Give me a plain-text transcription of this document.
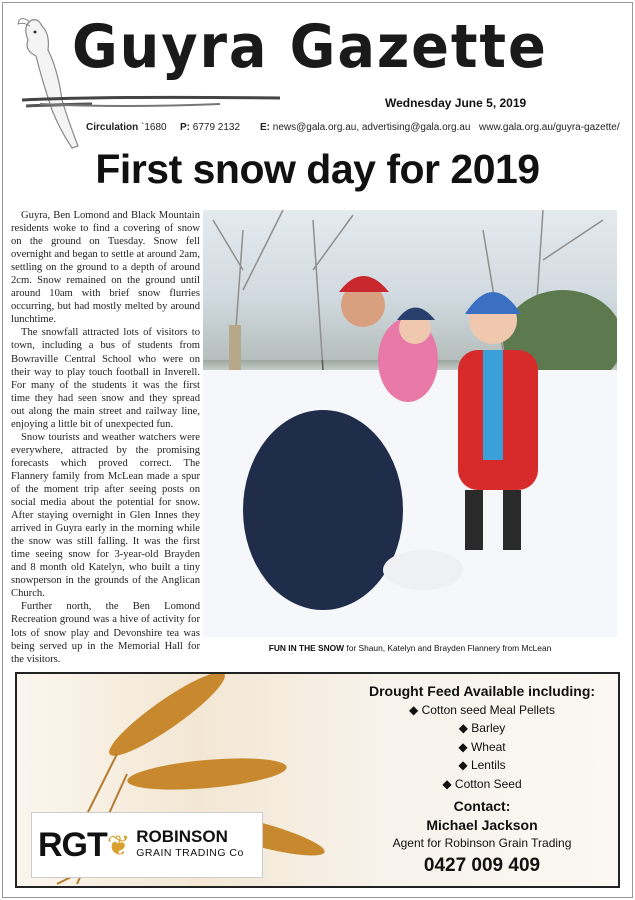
Guyra Gazette
Wednesday June 5, 2019
Circulation `1680 P: 6779 2132 E: news@gala.org.au, advertising@gala.org.au www.gala.org.au/guyra-gazette/
First snow day for 2019

Guyra, Ben Lomond and Black Mountain residents woke to find a covering of snow on the ground on Tuesday. Snow fell overnight and began to settle at around 2am, settling on the ground to a depth of around 2cm. Snow remained on the ground until around 10am with brief snow flurries occurring, but had mostly melted by around lunchtime.

The snowfall attracted lots of visitors to town, including a bus of students from Bowraville Central School who were on their way to play touch football in Inverell. For many of the students it was the first time they had seen snow and they spread out along the main street and railway line, enjoying a little bit of unexpected fun.

Snow tourists and weather watchers were everywhere, attracted by the promising forecasts which proved correct. The Flannery family from McLean made a spur of the moment trip after seeing posts on social media about the potential for snow. After staying overnight in Glen Innes they arrived in Guyra early in the morning while the snow was still falling. It was the first time seeing snow for 3-year-old Brayden and 8 month old Katelyn, who built a tiny snowperson in the grounds of the Anglican Church.

Further north, the Ben Lomond Recreation ground was a hive of activity for lots of snow play and Devonshire tea was being served up in the Memorial Hall for the visitors.

FUN IN THE SNOW for Shaun, Katelyn and Brayden Flannery from McLean
RGT ❦ ROBINSON
GRAIN TRADING Co
Drought Feed Available including:
◆ Cotton seed Meal Pellets
◆ Barley
◆ Wheat
◆ Lentils
◆ Cotton Seed
Contact:
Michael Jackson
Agent for Robinson Grain Trading
0427 009 409
